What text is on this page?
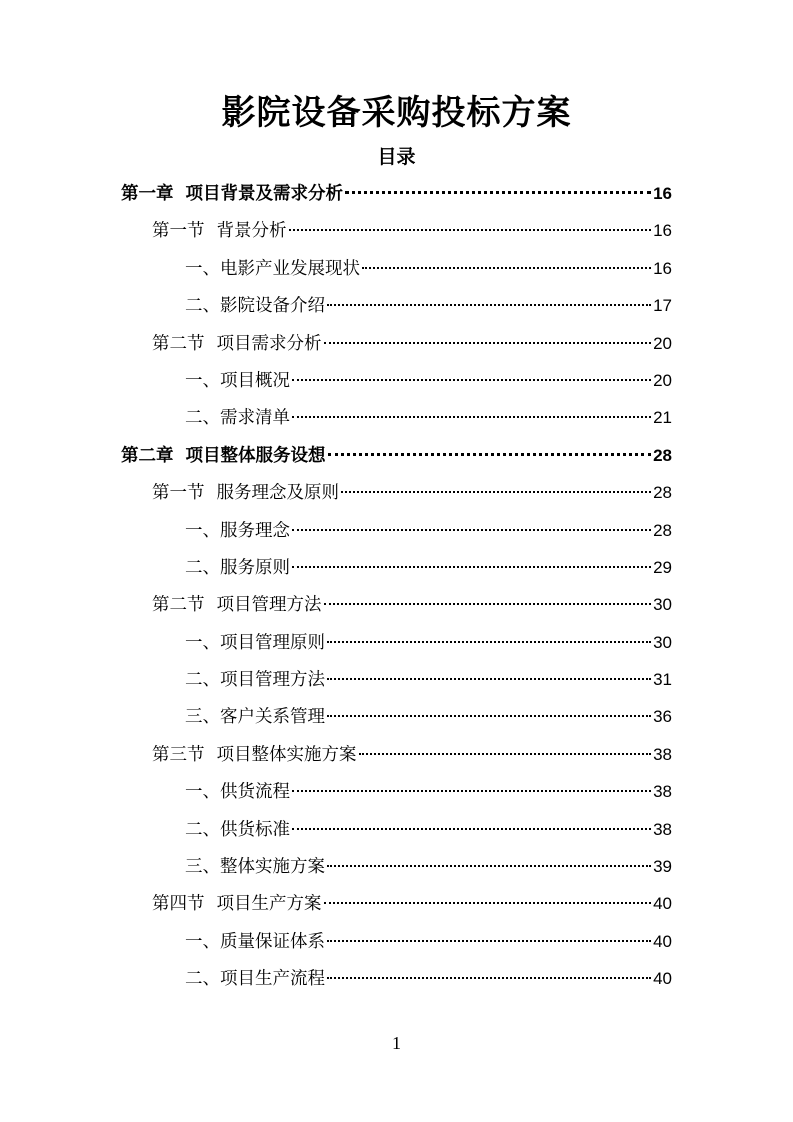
影院设备采购投标方案
目录
第一章 项目背景及需求分析	16
第一节 背景分析	16
一、 电影产业发展现状	16
二、 影院设备介绍	17
第二节 项目需求分析	20
一、 项目概况	20
二、 需求清单	21
第二章 项目整体服务设想	28
第一节 服务理念及原则	28
一、 服务理念	28
二、 服务原则	29
第二节 项目管理方法	30
一、 项目管理原则	30
二、 项目管理方法	31
三、 客户关系管理	36
第三节 项目整体实施方案	38
一、 供货流程	38
二、 供货标准	38
三、 整体实施方案	39
第四节 项目生产方案	40
一、 质量保证体系	40
二、 项目生产流程	40
1
